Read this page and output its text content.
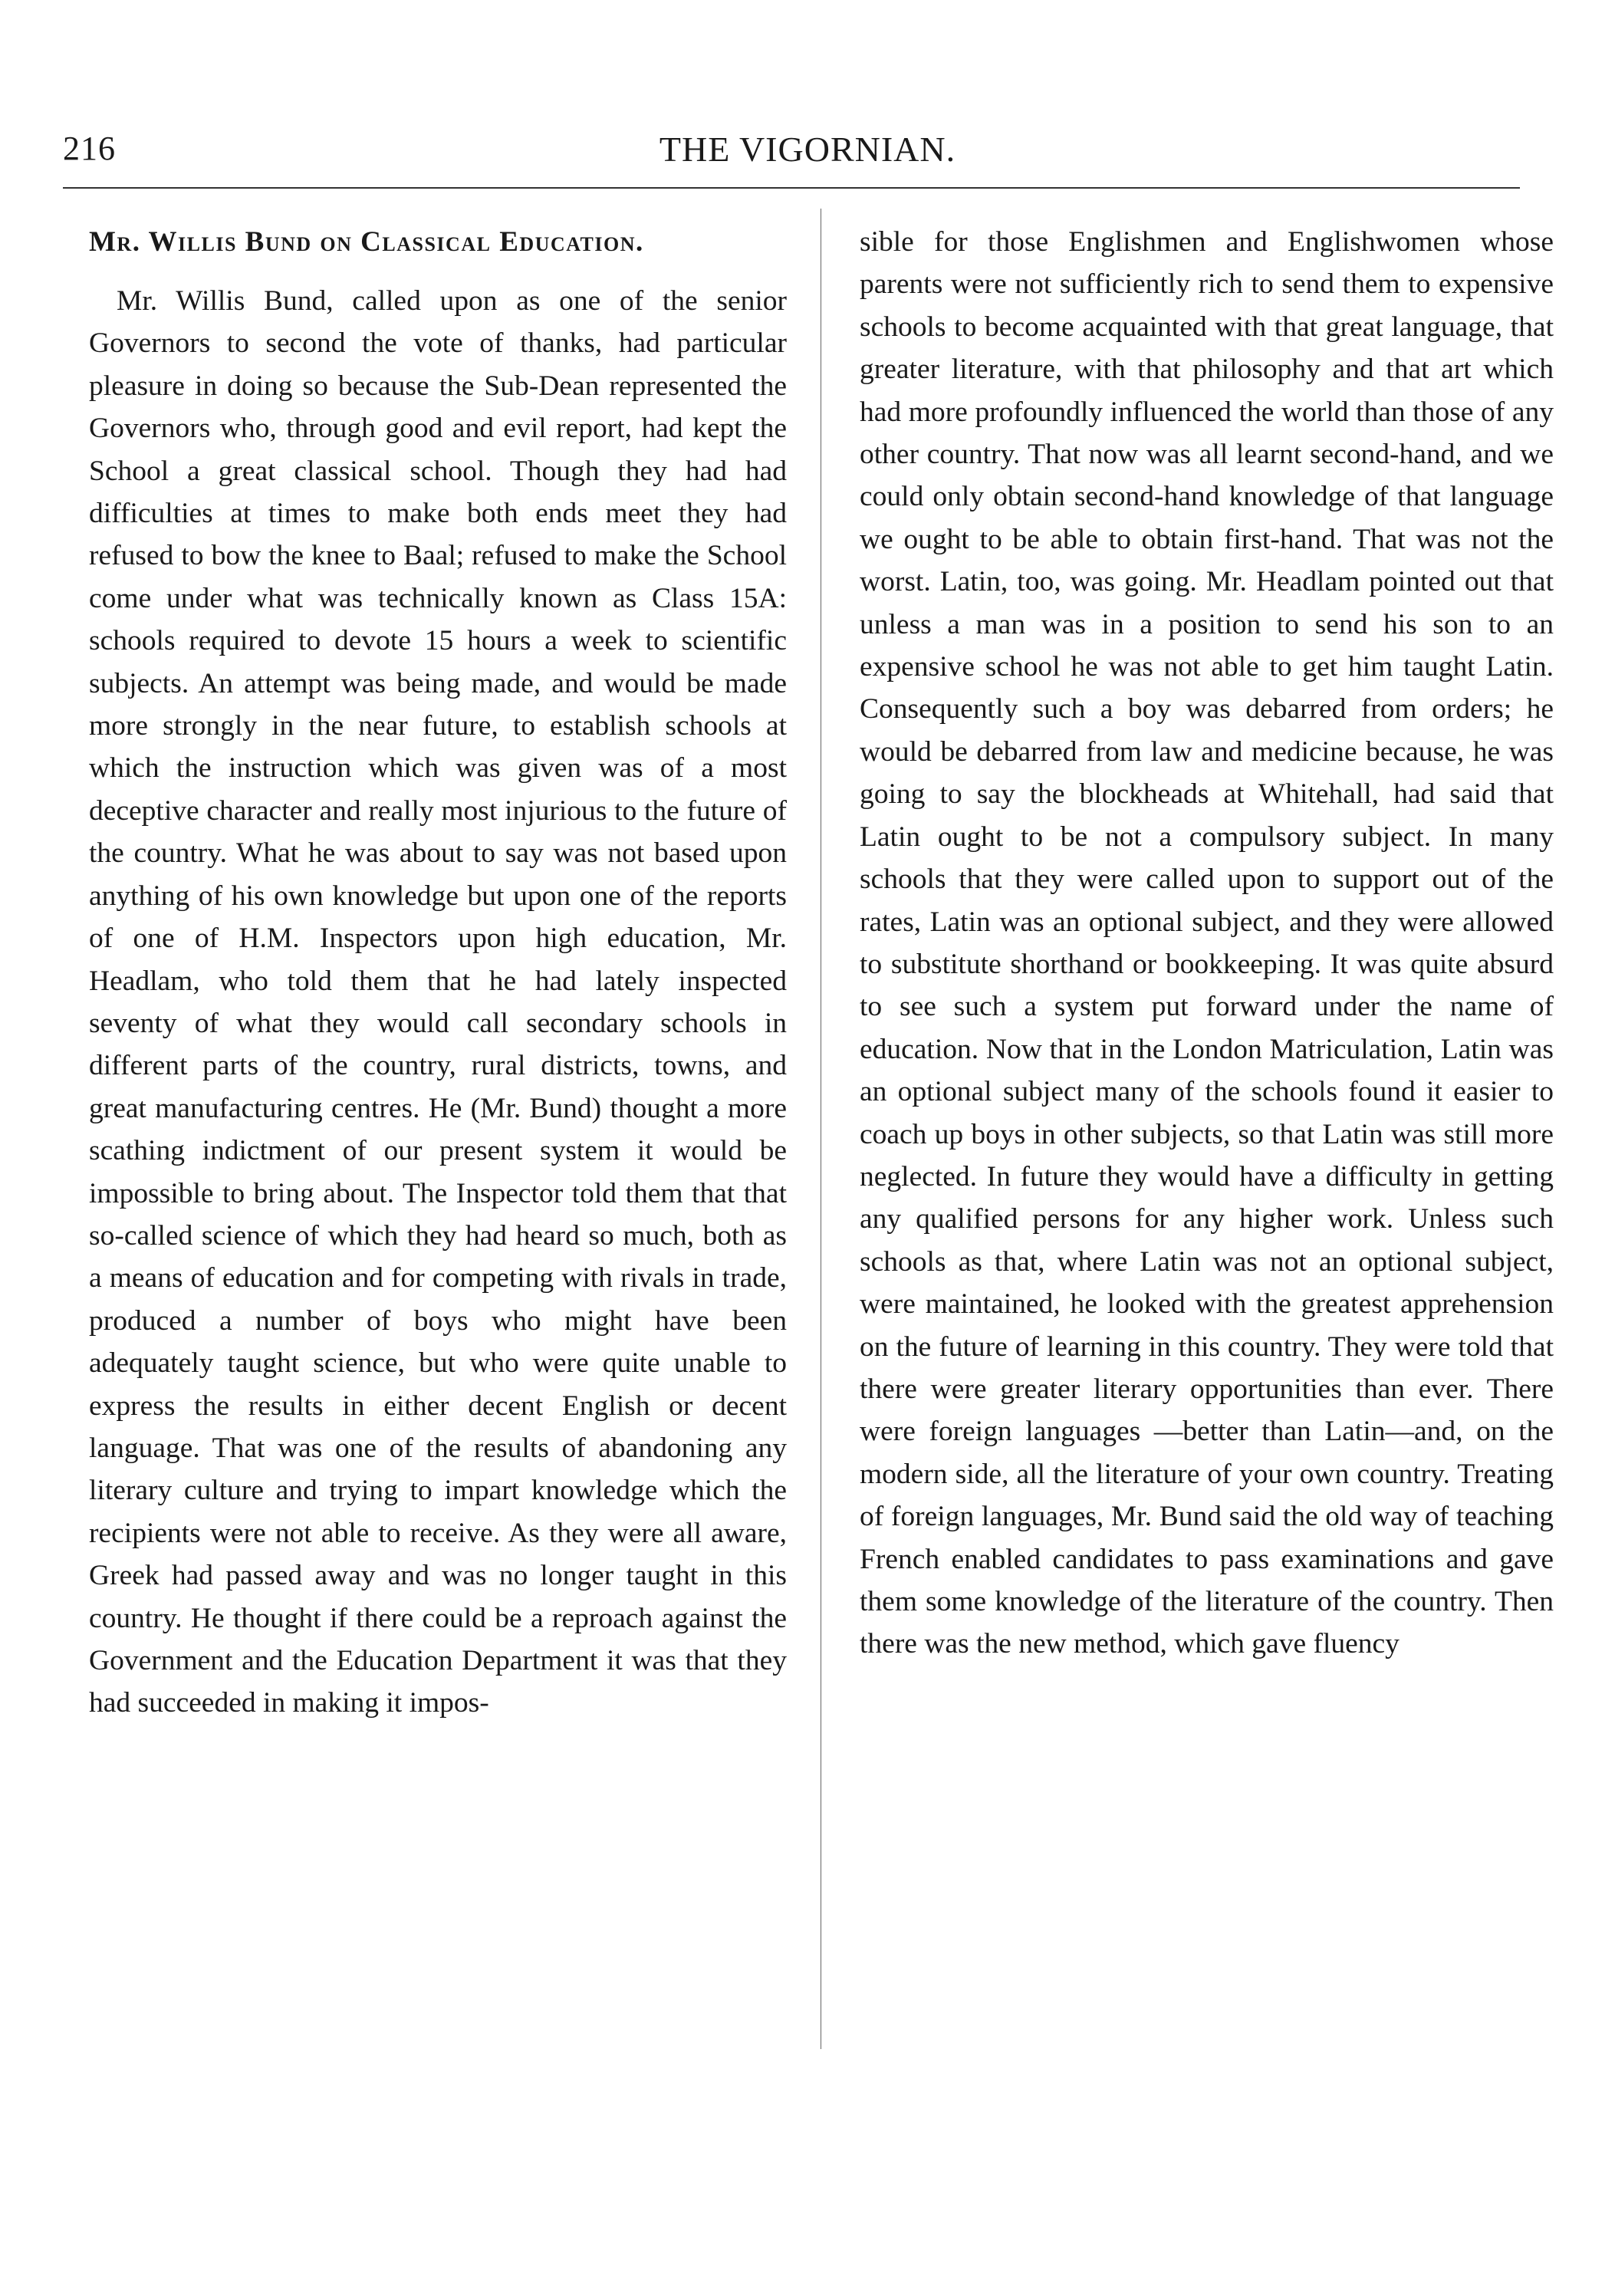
216	THE VIGORNIAN.
Mr. Willis Bund on Classical Education.

Mr. Willis Bund, called upon as one of the senior Governors to second the vote of thanks, had particular pleasure in doing so because the Sub-Dean represented the Governors who, through good and evil report, had kept the School a great classical school. Though they had had difficulties at times to make both ends meet they had refused to bow the knee to Baal; refused to make the School come under what was technically known as Class 15A: schools required to devote 15 hours a week to scientific subjects. An attempt was being made, and would be made more strongly in the near future, to establish schools at which the instruction which was given was of a most deceptive character and really most injurious to the future of the country. What he was about to say was not based upon anything of his own knowledge but upon one of the reports of one of H.M. Inspectors upon high education, Mr. Headlam, who told them that he had lately inspected seventy of what they would call secondary schools in different parts of the country, rural districts, towns, and great manufacturing centres. He (Mr. Bund) thought a more scathing indictment of our present system it would be impossible to bring about. The Inspector told them that that so-called science of which they had heard so much, both as a means of education and for competing with rivals in trade, produced a number of boys who might have been adequately taught science, but who were quite unable to express the results in either decent English or decent language. That was one of the results of abandoning any literary culture and trying to impart knowledge which the recipients were not able to receive. As they were all aware, Greek had passed away and was no longer taught in this country. He thought if there could be a reproach against the Government and the Education Department it was that they had succeeded in making it impos-

sible for those Englishmen and Englishwomen whose parents were not sufficiently rich to send them to expensive schools to become acquainted with that great language, that greater literature, with that philosophy and that art which had more profoundly influenced the world than those of any other country. That now was all learnt second-hand, and we could only obtain second-hand knowledge of that language we ought to be able to obtain first-hand. That was not the worst. Latin, too, was going. Mr. Headlam pointed out that unless a man was in a position to send his son to an expensive school he was not able to get him taught Latin. Consequently such a boy was debarred from orders; he would be debarred from law and medicine because, he was going to say the blockheads at Whitehall, had said that Latin ought to be not a compulsory subject. In many schools that they were called upon to support out of the rates, Latin was an optional subject, and they were allowed to substitute shorthand or bookkeeping. It was quite absurd to see such a system put forward under the name of education. Now that in the London Matriculation, Latin was an optional subject many of the schools found it easier to coach up boys in other subjects, so that Latin was still more neglected. In future they would have a difficulty in getting any qualified persons for any higher work. Unless such schools as that, where Latin was not an optional subject, were maintained, he looked with the greatest apprehension on the future of learning in this country. They were told that there were greater literary opportunities than ever. There were foreign languages —better than Latin—and, on the modern side, all the literature of your own country. Treating of foreign languages, Mr. Bund said the old way of teaching French enabled candidates to pass examinations and gave them some knowledge of the literature of the country. Then there was the new method, which gave fluency
